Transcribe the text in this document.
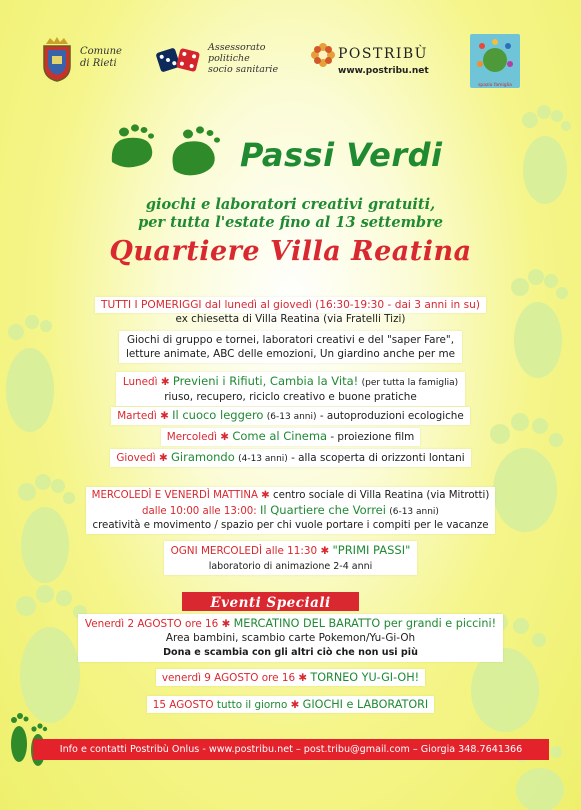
Comune
di Rieti
Assessorato
politiche
socio sanitarie
POSTRIBÙ
www.postribu.net
spazio famiglia
Passi Verdi
giochi e laboratori creativi gratuiti,
per tutta l'estate fino al 13 settembre
Quartiere Villa Reatina
TUTTI I POMERIGGI dal lunedì al giovedì (16:30-19:30 - dai 3 anni in su)
ex chiesetta di Villa Reatina (via Fratelli Tizi)
Giochi di gruppo e tornei, laboratori creativi e del "saper Fare",
letture animate, ABC delle emozioni, Un giardino anche per me
Lunedì ✱ Previeni i Rifiuti, Cambia la Vita! (per tutta la famiglia)
riuso, recupero, riciclo creativo e buone pratiche
Martedì ✱ Il cuoco leggero (6-13 anni) - autoproduzioni ecologiche
Mercoledì ✱ Come al Cinema - proiezione film
Giovedì ✱ Giramondo (4-13 anni) - alla scoperta di orizzonti lontani
MERCOLEDÌ E VENERDÌ MATTINA ✱ centro sociale di Villa Reatina (via Mitrotti)
dalle 10:00 alle 13:00: Il Quartiere che Vorrei (6-13 anni)
creatività e movimento / spazio per chi vuole portare i compiti per le vacanze
OGNI MERCOLEDÌ alle 11:30 ✱ "PRIMI PASSI"
laboratorio di animazione 2-4 anni
Eventi Speciali
Venerdì 2 AGOSTO ore 16 ✱ MERCATINO DEL BARATTO per grandi e piccini!
Area bambini, scambio carte Pokemon/Yu-Gi-Oh
Dona e scambia con gli altri ciò che non usi più
venerdì 9 AGOSTO ore 16 ✱ TORNEO YU-GI-OH!
15 AGOSTO tutto il giorno ✱ GIOCHI e LABORATORI
Info e contatti Postribù Onlus - www.postribu.net – post.tribu@gmail.com – Giorgia 348.7641366
